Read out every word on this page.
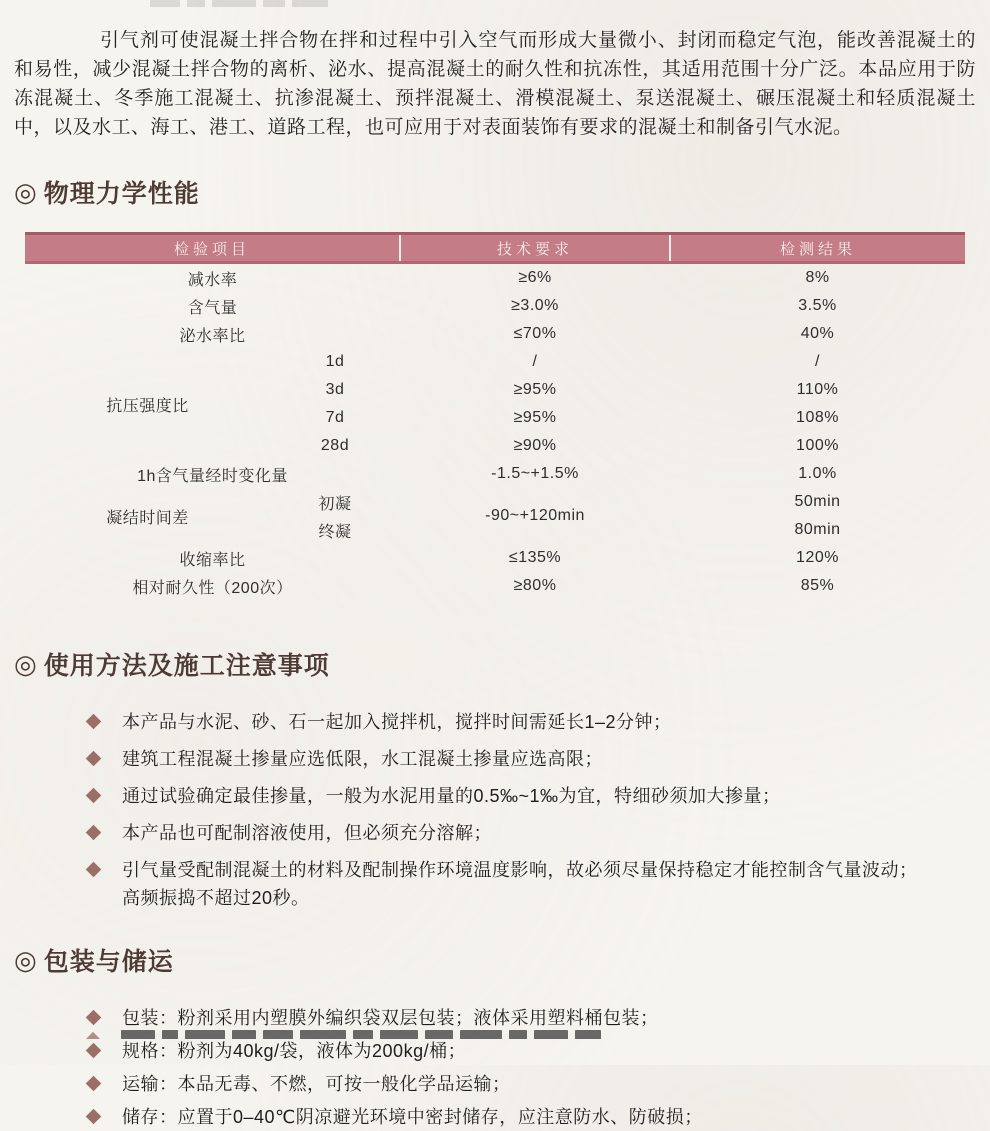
引气剂可使混凝土拌合物在拌和过程中引入空气而形成大量微小、封闭而稳定气泡，能改善混凝土的和易性，减少混凝土拌合物的离析、泌水、提高混凝土的耐久性和抗冻性，其适用范围十分广泛。本品应用于防冻混凝土、冬季施工混凝土、抗渗混凝土、预拌混凝土、滑模混凝土、泵送混凝土、碾压混凝土和轻质混凝土中，以及水工、海工、港工、道路工程，也可应用于对表面装饰有要求的混凝土和制备引气水泥。

◎ 物理力学性能
检验项目		技术要求	检测结果
减水率		≥6%	8%
含气量		≥3.0%	3.5%
泌水率比		≤70%	40%
抗压强度比	1d	/	/
	3d	≥95%	110%
	7d	≥95%	108%
	28d	≥90%	100%
1h含气量经时变化量		-1.5~+1.5%	1.0%
凝结时间差	初凝	-90~+120min	50min
	终凝		80min
收缩率比		≤135%	120%
相对耐久性（200次）		≥80%	85%
◎ 使用方法及施工注意事项
本产品与水泥、砂、石一起加入搅拌机，搅拌时间需延长1–2分钟；
建筑工程混凝土掺量应选低限，水工混凝土掺量应选高限；
通过试验确定最佳掺量，一般为水泥用量的0.5‰~1‰为宜，特细砂须加大掺量；
本产品也可配制溶液使用，但必须充分溶解；
引气量受配制混凝土的材料及配制操作环境温度影响，故必须尽量保持稳定才能控制含气量波动；
高频振捣不超过20秒。
◎ 包装与储运
包装：粉剂采用内塑膜外编织袋双层包装；液体采用塑料桶包装；
规格：粉剂为40kg/袋，液体为200kg/桶；
运输：本品无毒、不燃，可按一般化学品运输；
储存：应置于0–40℃阴凉避光环境中密封储存，应注意防水、防破损；
